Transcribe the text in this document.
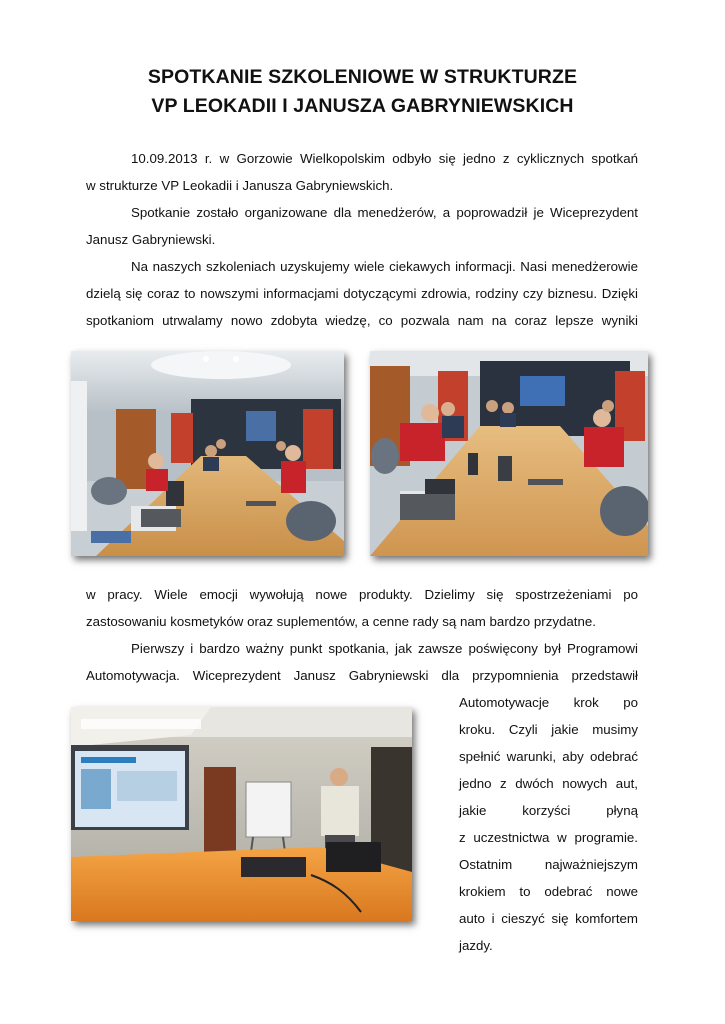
SPOTKANIE SZKOLENIOWE W STRUKTURZE
VP LEOKADII I JANUSZA GABRYNIEWSKICH
10.09.2013 r. w Gorzowie Wielkopolskim odbyło się jedno z cyklicznych spotkań
w strukturze VP Leokadii i Janusza Gabryniewskich.
Spotkanie zostało organizowane dla menedżerów, a poprowadził je Wiceprezydent
Janusz Gabryniewski.
Na naszych szkoleniach uzyskujemy wiele ciekawych informacji. Nasi menedżerowie
dzielą się coraz to nowszymi informacjami dotyczącymi zdrowia, rodziny czy biznesu. Dzięki
spotkaniom utrwalamy nowo zdobyta wiedzę, co pozwala nam na coraz lepsze wyniki
w pracy. Wiele emocji wywołują nowe produkty. Dzielimy się spostrzeżeniami po
zastosowaniu kosmetyków oraz suplementów, a cenne rady są nam bardzo przydatne.
Pierwszy i bardzo ważny punkt spotkania, jak zawsze poświęcony był Programowi
Automotywacja. Wiceprezydent Janusz Gabryniewski dla przypomnienia przedstawił
Automotywacje krok po
kroku. Czyli jakie musimy
spełnić warunki, aby odebrać
jedno z dwóch nowych aut,
jakie korzyści płyną
z uczestnictwa w programie.
Ostatnim najważniejszym
krokiem to odebrać nowe
auto i cieszyć się komfortem
jazdy.
